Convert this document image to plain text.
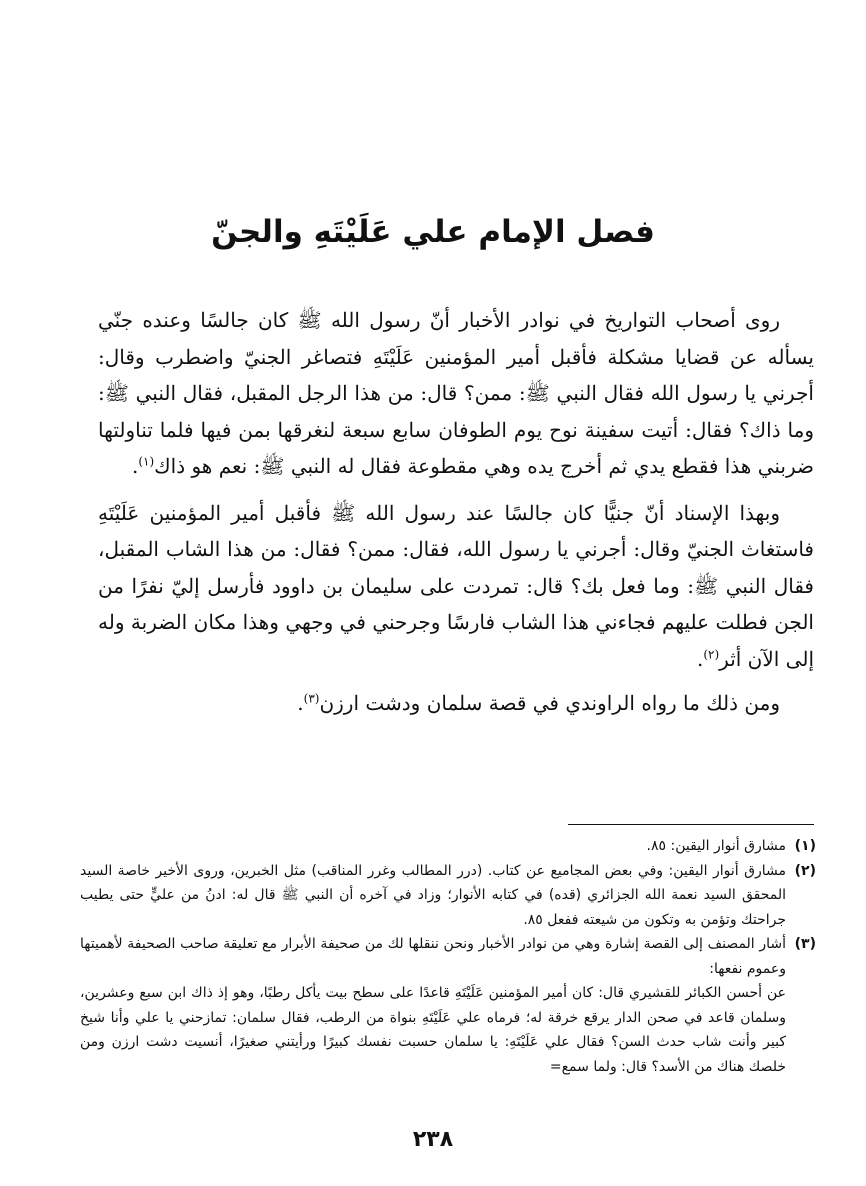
فصل الإمام علي عَلَيْتَهِ والجنّ

روى أصحاب التواريخ في نوادر الأخبار أنّ رسول الله ﷺ كان جالسًا وعنده جنّي يسأله عن قضايا مشكلة فأقبل أمير المؤمنين عَلَيْتَهِ فتصاغر الجنيّ واضطرب وقال: أجرني يا رسول الله فقال النبي ﷺ: ممن؟ قال: من هذا الرجل المقبل، فقال النبي ﷺ: وما ذاك؟ فقال: أتيت سفينة نوح يوم الطوفان سابع سبعة لنغرقها بمن فيها فلما تناولتها ضربني هذا فقطع يدي ثم أخرج يده وهي مقطوعة فقال له النبي ﷺ: نعم هو ذاك$^{(١)}$.

وبهذا الإسناد أنّ جنيًّا كان جالسًا عند رسول الله ﷺ فأقبل أمير المؤمنين عَلَيْتَهِ فاستغاث الجنيّ وقال: أجرني يا رسول الله، فقال: ممن؟ فقال: من هذا الشاب المقبل، فقال النبي ﷺ: وما فعل بك؟ قال: تمردت على سليمان بن داوود فأرسل إليّ نفرًا من الجن فطلت عليهم فجاءني هذا الشاب فارسًا وجرحني في وجهي وهذا مكان الضربة وله إلى الآن أثر$^{(٢)}$.

ومن ذلك ما رواه الراوندي في قصة سلمان ودشت ارزن$^{(٣)}$.

(١)

مشارق أنوار اليقين: ٨٥.

(٢)

مشارق أنوار اليقين: وفي بعض المجاميع عن كتاب. (درر المطالب وغرر المناقب) مثل الخبرين، وروى الأخير خاصة السيد المحقق السيد نعمة الله الجزائري (قده) في كتابه الأنوار؛ وزاد في آخره أن النبي ﷺ قال له: ادنُ من عليٍّ حتى يطيب جراحتك وتؤمن به وتكون من شيعته ففعل ٨٥.

(٣)

أشار المصنف إلى القصة إشارة وهي من نوادر الأخبار ونحن ننقلها لك من صحيفة الأبرار مع تعليقة صاحب الصحيفة لأهميتها وعموم نفعها:

عن أحسن الكبائر للقشيري قال: كان أمير المؤمنين عَلَيْتَهِ قاعدًا على سطح بيت يأكل رطبًا، وهو إذ ذاك ابن سبع وعشرين، وسلمان قاعد في صحن الدار يرقع خرقة له؛ فرماه علي عَلَيْتَهِ بنواة من الرطب، فقال سلمان: تمازحني يا علي وأنا شيخ كبير وأنت شاب حدث السن؟ فقال علي عَلَيْتَهِ: يا سلمان حسبت نفسك كبيرًا ورأيتني صغيرًا، أنسيت دشت ارزن ومن خلصك هناك من الأسد؟ قال: ولما سمع=

٢٣٨
